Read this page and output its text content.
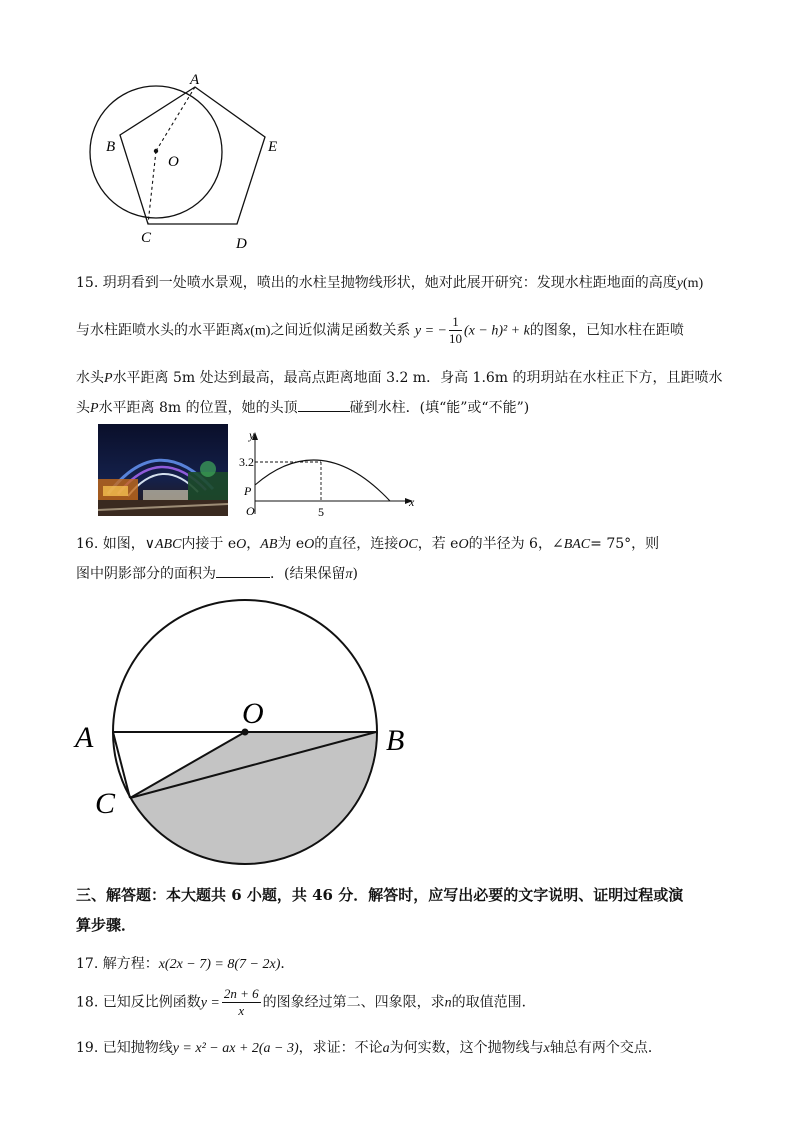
A
B
O
E
C	D
15. 玥玥看到一处喷水景观，喷出的水柱呈抛物线形状，她对此展开研究：发现水柱距地面的高度y(m)
与水柱距喷水头的水平距离x(m)之间近似满足函数关系 y = − $\frac{1}{10} (x - h)^2 + k$的图象，已知水柱在距喷
水头P水平距离 5m 处达到最高，最高点距离地面 3.2 m．身高 1.6m 的玥玥站在水柱正下方，且距喷水
头P水平距离 8m 的位置，她的头顶	碰到水柱．(填“能”或“不能”)
y
x
3.2
P
O	5
16. 如图，∨ABC内接于 eO，AB为 eO的直径，连接OC，若 eO的半径为 6，∠BAC= 75°，则
图中阴影部分的面积为	．(结果保留π)
A
O
B
C
三、解答题：本大题共 6 小题，共 46 分．解答时，应写出必要的文字说明、证明过程或演
算步骤．
17. 解方程：x(2x − 7) = 8(7 − 2x)．
18. 已知反比例函数$y = \frac{2n + 6}{x}$ 的图象经过第二、四象限，求n的取值范围．
19. 已知抛物线y = x² − ax + 2(a − 3)，求证：不论a为何实数，这个抛物线与x轴总有两个交点．
